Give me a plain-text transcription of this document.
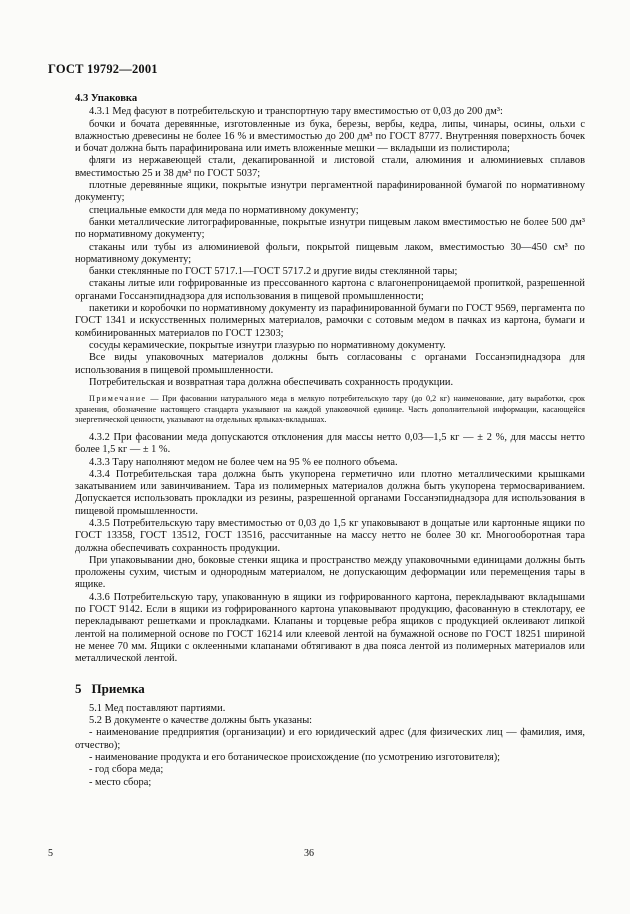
ГОСТ 19792—2001

4.3 Упаковка

4.3.1 Мед фасуют в потребительскую и транспортную тару вместимостью от 0,03 до 200 дм³:

бочки и бочата деревянные, изготовленные из бука, березы, вербы, кедра, липы, чинары, осины, ольхи с влажностью древесины не более 16 % и вместимостью до 200 дм³ по ГОСТ 8777. Внутренняя поверхность бочек и бочат должна быть парафинирована или иметь вложенные мешки — вкладыши из полистирола;

фляги из нержавеющей стали, декапированной и листовой стали, алюминия и алюминиевых сплавов вместимостью 25 и 38 дм³ по ГОСТ 5037;

плотные деревянные ящики, покрытые изнутри пергаментной парафинированной бумагой по нормативному документу;

специальные емкости для меда по нормативному документу;

банки металлические литографированные, покрытые изнутри пищевым лаком вместимостью не более 500 дм³ по нормативному документу;

стаканы или тубы из алюминиевой фольги, покрытой пищевым лаком, вместимостью 30—450 см³ по нормативному документу;

банки стеклянные по ГОСТ 5717.1—ГОСТ 5717.2 и другие виды стеклянной тары;

стаканы литые или гофрированные из прессованного картона с влагонепроницаемой пропиткой, разрешенной органами Госсанэпиднадзора для использования в пищевой промышленности;

пакетики и коробочки по нормативному документу из парафинированной бумаги по ГОСТ 9569, пергамента по ГОСТ 1341 и искусственных полимерных материалов, рамочки с сотовым медом в пачках из картона, бумаги и комбинированных материалов по ГОСТ 12303;

сосуды керамические, покрытые изнутри глазурью по нормативному документу.

Все виды упаковочных материалов должны быть согласованы с органами Госсанэпиднадзора для использования в пищевой промышленности.

Потребительская и возвратная тара должна обеспечивать сохранность продукции.

Примечание — При фасовании натурального меда в мелкую потребительскую тару (до 0,2 кг) наименование, дату выработки, срок хранения, обозначение настоящего стандарта указывают на каждой упаковочной единице. Часть дополнительной информации, касающейся энергетической ценности, указывают на отдельных ярлыках-вкладышах.

4.3.2 При фасовании меда допускаются отклонения для массы нетто 0,03—1,5 кг — ± 2 %, для массы нетто более 1,5 кг — ± 1 %.

4.3.3 Тару наполняют медом не более чем на 95 % ее полного объема.

4.3.4 Потребительская тара должна быть укупорена герметично или плотно металлическими крышками закатыванием или завинчиванием. Тара из полимерных материалов должна быть укупорена термосвариванием. Допускается использовать прокладки из резины, разрешенной органами Госсанэпиднадзора для использования в пищевой промышленности.

4.3.5 Потребительскую тару вместимостью от 0,03 до 1,5 кг упаковывают в дощатые или картонные ящики по ГОСТ 13358, ГОСТ 13512, ГОСТ 13516, рассчитанные на массу нетто не более 30 кг. Многооборотная тара должна обеспечивать сохранность продукции.

При упаковывании дно, боковые стенки ящика и пространство между упаковочными единицами должны быть проложены сухим, чистым и однородным материалом, не допускающим деформации или перемещения тары в ящике.

4.3.6 Потребительскую тару, упакованную в ящики из гофрированного картона, перекладывают вкладышами по ГОСТ 9142. Если в ящики из гофрированного картона упаковывают продукцию, фасованную в стеклотару, ее перекладывают решетками и прокладками. Клапаны и торцевые ребра ящиков с продукцией оклеивают липкой лентой на полимерной основе по ГОСТ 16214 или клеевой лентой на бумажной основе по ГОСТ 18251 шириной не менее 70 мм. Ящики с оклеенными клапанами обтягивают в два пояса лентой из полимерных материалов или металлической лентой.

5 Приемка

5.1 Мед поставляют партиями.

5.2 В документе о качестве должны быть указаны:

- наименование предприятия (организации) и его юридический адрес (для физических лиц — фамилия, имя, отчество);

- наименование продукта и его ботаническое происхождение (по усмотрению изготовителя);

- год сбора меда;

- место сбора;

5	36
